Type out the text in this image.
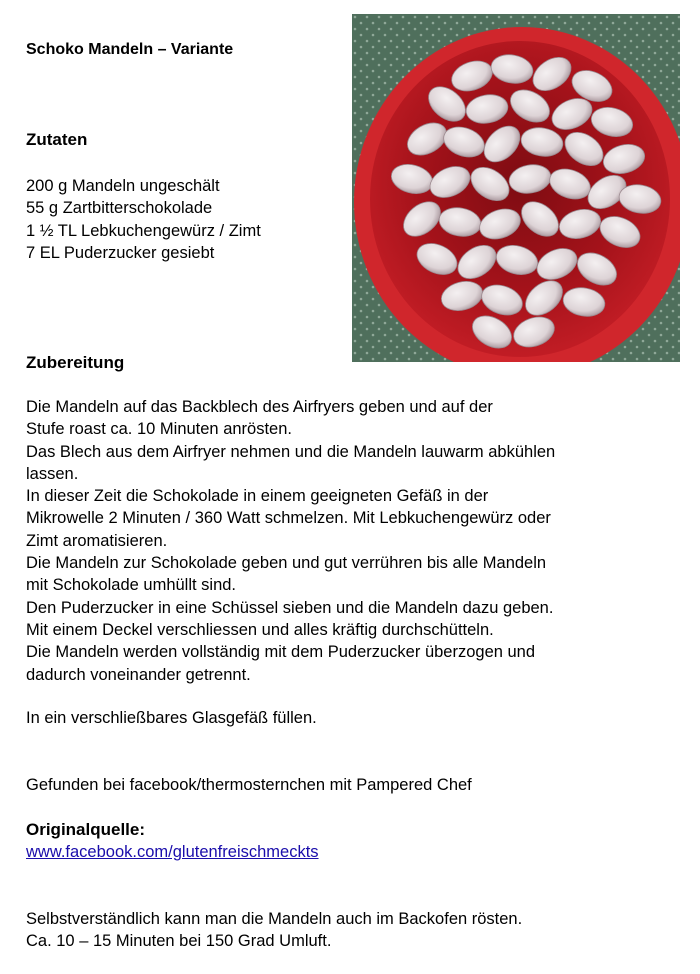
Schoko Mandeln – Variante
Zutaten
200 g Mandeln ungeschält
55 g Zartbitterschokolade
1 ½ TL Lebkuchengewürz / Zimt
7 EL Puderzucker gesiebt
Zubereitung
Die Mandeln auf das Backblech des Airfryers geben und auf der
Stufe roast ca. 10 Minuten anrösten.
Das Blech aus dem Airfryer nehmen und die Mandeln lauwarm abkühlen
lassen.
In dieser Zeit die Schokolade in einem geeigneten Gefäß in der
Mikrowelle 2 Minuten / 360 Watt schmelzen. Mit Lebkuchengewürz oder
Zimt aromatisieren.
Die Mandeln zur Schokolade geben und gut verrühren bis alle Mandeln
mit Schokolade umhüllt sind.
Den Puderzucker in eine Schüssel sieben und die Mandeln dazu geben.
Mit einem Deckel verschliessen und alles kräftig durchschütteln.
Die Mandeln werden vollständig mit dem Puderzucker überzogen und
dadurch voneinander getrennt.
In ein verschließbares Glasgefäß füllen.
Gefunden bei facebook/thermosternchen mit Pampered Chef
Originalquelle:
www.facebook.com/glutenfreischmeckts
Selbstverständlich kann man die Mandeln auch im Backofen rösten.
Ca. 10 – 15 Minuten bei 150 Grad Umluft.
